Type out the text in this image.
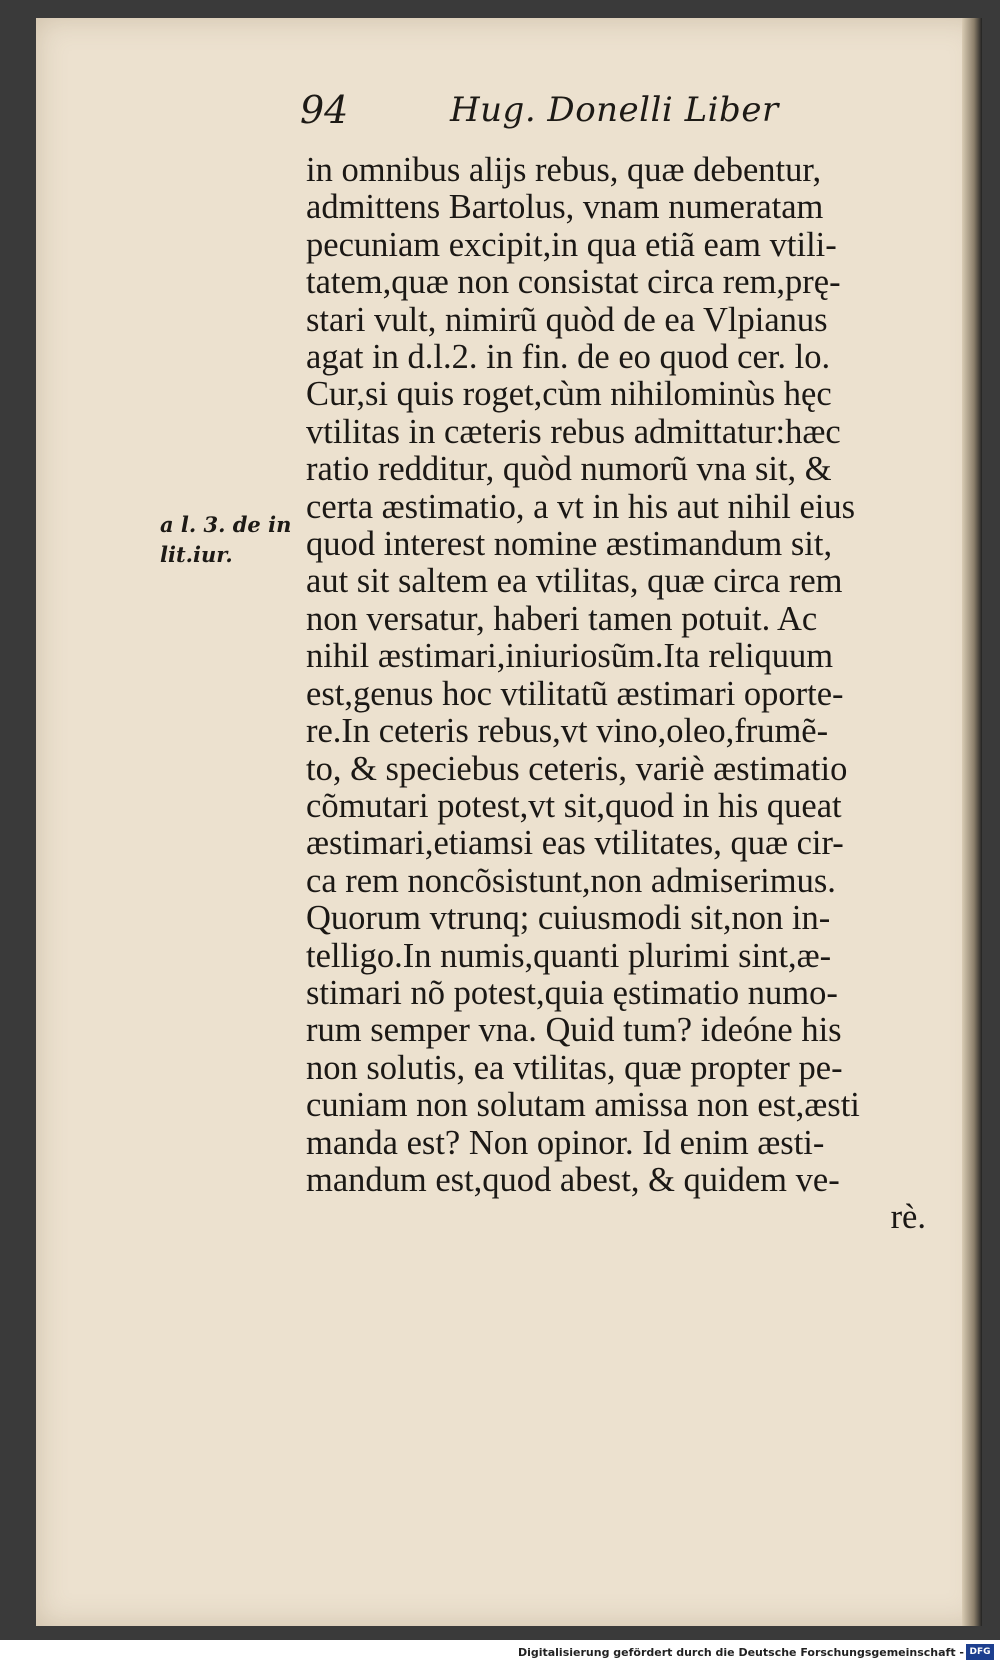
94	Hug. Donelli Liber
a l. 3. de in
lit.iur.
in omnibus alijs rebus, quæ debentur,
admittens Bartolus, vnam numeratam
pecuniam excipit,in qua etiã eam vtili-
tatem,quæ non consistat circa rem,prę-
stari vult, nimirũ quòd de ea Vlpianus
agat in d.l.2. in fin. de eo quod cer. lo.
Cur,si quis roget,cùm nihilominùs hęc
vtilitas in cæteris rebus admittatur:hæc
ratio redditur, quòd numorũ vna sit, &
certa æstimatio, a vt in his aut nihil eius
quod interest nomine æstimandum sit,
aut sit saltem ea vtilitas, quæ circa rem
non versatur, haberi tamen potuit. Ac
nihil æstimari,iniuriosũm.Ita reliquum
est,genus hoc vtilitatũ æstimari oporte-
re.In ceteris rebus,vt vino,oleo,frumẽ-
to, & speciebus ceteris, variè æstimatio
cõmutari potest,vt sit,quod in his queat
æstimari,etiamsi eas vtilitates, quæ cir-
ca rem noncõsistunt,non admiserimus.
Quorum vtrunq; cuiusmodi sit,non in-
telligo.In numis,quanti plurimi sint,æ-
stimari nõ potest,quia ęstimatio numo-
rum semper vna. Quid tum? ideóne his
non solutis, ea vtilitas, quæ propter pe-
cuniam non solutam amissa non est,æsti
manda est? Non opinor. Id enim æsti-
mandum est,quod abest, & quidem ve-
rè.
Digitalisierung gefördert durch die Deutsche Forschungsgemeinschaft - DFG
